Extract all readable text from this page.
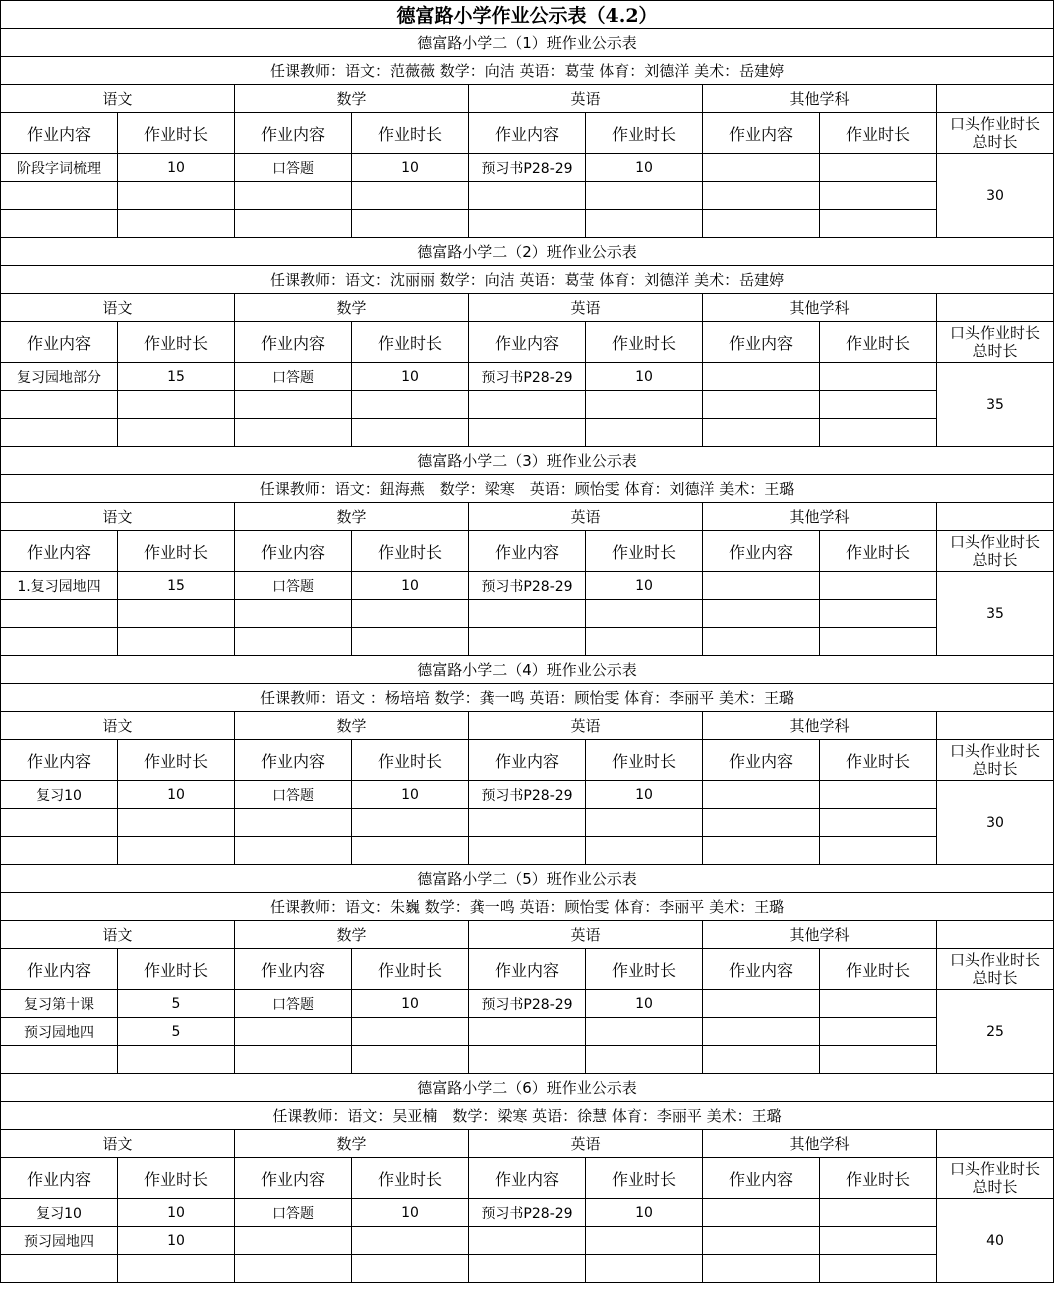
德富路小学作业公示表（4.2）								
德富路小学二（1）班作业公示表								
任课教师：语文：范薇薇 数学：向洁 英语：葛莹 体育：刘德洋 美术：岳建婷								
语文		数学		英语		其他学科		
作业内容	作业时长	作业内容	作业时长	作业内容	作业时长	作业内容	作业时长	口头作业时长
总时长
阶段字词梳理	10	口答题	10	预习书P28-29	10			30

德富路小学二（2）班作业公示表								
任课教师：语文：沈丽丽 数学：向洁 英语：葛莹 体育：刘德洋 美术：岳建婷								
语文		数学		英语		其他学科		
作业内容	作业时长	作业内容	作业时长	作业内容	作业时长	作业内容	作业时长	口头作业时长
总时长
复习园地部分	15	口答题	10	预习书P28-29	10			35

德富路小学二（3）班作业公示表								
任课教师：语文：鈕海燕　数学：梁寒　英语：顾怡雯 体育：刘德洋 美术：王璐								
语文		数学		英语		其他学科		
作业内容	作业时长	作业内容	作业时长	作业内容	作业时长	作业内容	作业时长	口头作业时长
总时长
1.复习园地四	15	口答题	10	预习书P28-29	10			35

德富路小学二（4）班作业公示表								
任课教师：语文 ：杨培培 数学：龚一鸣 英语：顾怡雯 体育：李丽平 美术：王璐								
语文		数学		英语		其他学科		
作业内容	作业时长	作业内容	作业时长	作业内容	作业时长	作业内容	作业时长	口头作业时长
总时长
复习10	10	口答题	10	预习书P28-29	10			30

德富路小学二（5）班作业公示表								
任课教师：语文：朱巍 数学：龚一鸣 英语：顾怡雯 体育：李丽平 美术：王璐								
语文		数学		英语		其他学科		
作业内容	作业时长	作业内容	作业时长	作业内容	作业时长	作业内容	作业时长	口头作业时长
总时长
复习第十课	5	口答题	10	预习书P28-29	10			25
预习园地四	5							

德富路小学二（6）班作业公示表								
任课教师：语文：吴亚楠　数学：梁寒 英语：徐慧 体育：李丽平 美术：王璐								
语文		数学		英语		其他学科		
作业内容	作业时长	作业内容	作业时长	作业内容	作业时长	作业内容	作业时长	口头作业时长
总时长
复习10	10	口答题	10	预习书P28-29	10			40
预习园地四	10							
